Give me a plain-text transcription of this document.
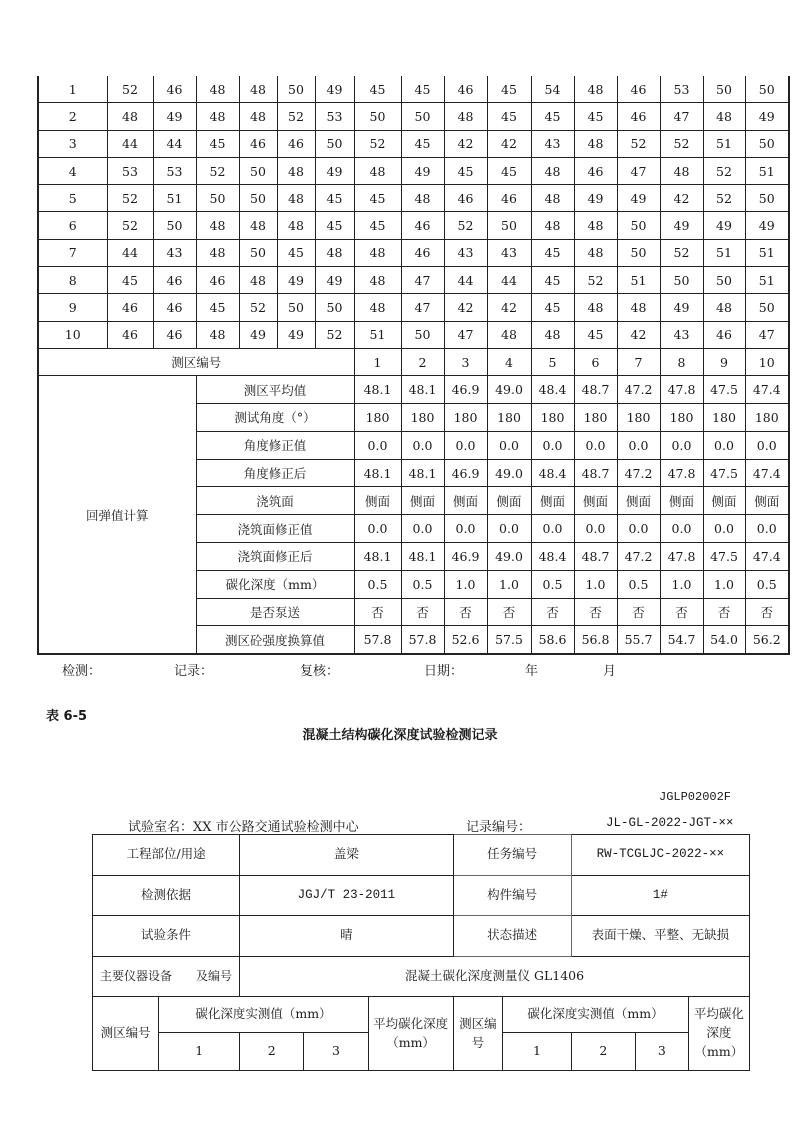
1	52	46	48	48	50	49	45	45	46	45	54	48	46	53	50	50
2	48	49	48	48	52	53	50	50	48	45	45	45	46	47	48	49
3	44	44	45	46	46	50	52	45	42	42	43	48	52	52	51	50
4	53	53	52	50	48	49	48	49	45	45	48	46	47	48	52	51
5	52	51	50	50	48	45	45	48	46	46	48	49	49	42	52	50
6	52	50	48	48	48	45	45	46	52	50	48	48	50	49	49	49
7	44	43	48	50	45	48	48	46	43	43	45	48	50	52	51	51
8	45	46	46	48	49	49	48	47	44	44	45	52	51	50	50	51
9	46	46	45	52	50	50	48	47	42	42	45	48	48	49	48	50
10	46	46	48	49	49	52	51	50	47	48	48	45	42	43	46	47
测区编号							1	2	3	4	5	6	7	8	9	10
回弹值计算			测区平均值				48.1	48.1	46.9	49.0	48.4	48.7	47.2	47.8	47.5	47.4
			测试角度（°）				180	180	180	180	180	180	180	180	180	180
			角度修正值				0.0	0.0	0.0	0.0	0.0	0.0	0.0	0.0	0.0	0.0
			角度修正后				48.1	48.1	46.9	49.0	48.4	48.7	47.2	47.8	47.5	47.4
			浇筑面				侧面	侧面	侧面	侧面	侧面	侧面	侧面	侧面	侧面	侧面
			浇筑面修正值				0.0	0.0	0.0	0.0	0.0	0.0	0.0	0.0	0.0	0.0
			浇筑面修正后				48.1	48.1	46.9	49.0	48.4	48.7	47.2	47.8	47.5	47.4
			碳化深度（mm）				0.5	0.5	1.0	1.0	0.5	1.0	0.5	1.0	1.0	0.5
			是否泵送				否	否	否	否	否	否	否	否	否	否
			测区砼强度换算值				57.8	57.8	52.6	57.5	58.6	56.8	55.7	54.7	54.0	56.2
检测：	记录：	复核：	日期：	年	月
表 6-5
混凝土结构碳化深度试验检测记录
JGLP02002F
试验室名：XX 市公路交通试验检测中心	记录编号：	JL-GL-2022-JGT-××
工程部位/用途		盖梁			任务编号		RW-TCGLJC-2022-××		
检测依据		JGJ/T 23-2011			构件编号		1#		
试验条件		晴			状态描述		表面干燥、平整、无缺损		
主要仪器设备　　及编号		混凝土碳化深度测量仪 GL1406							
测区编号	碳化深度实测值（mm）			平均碳化深度（mm）	测区编号	碳化深度实测值（mm）			平均碳化深度（mm）
	1	2	3			1	2	3	
